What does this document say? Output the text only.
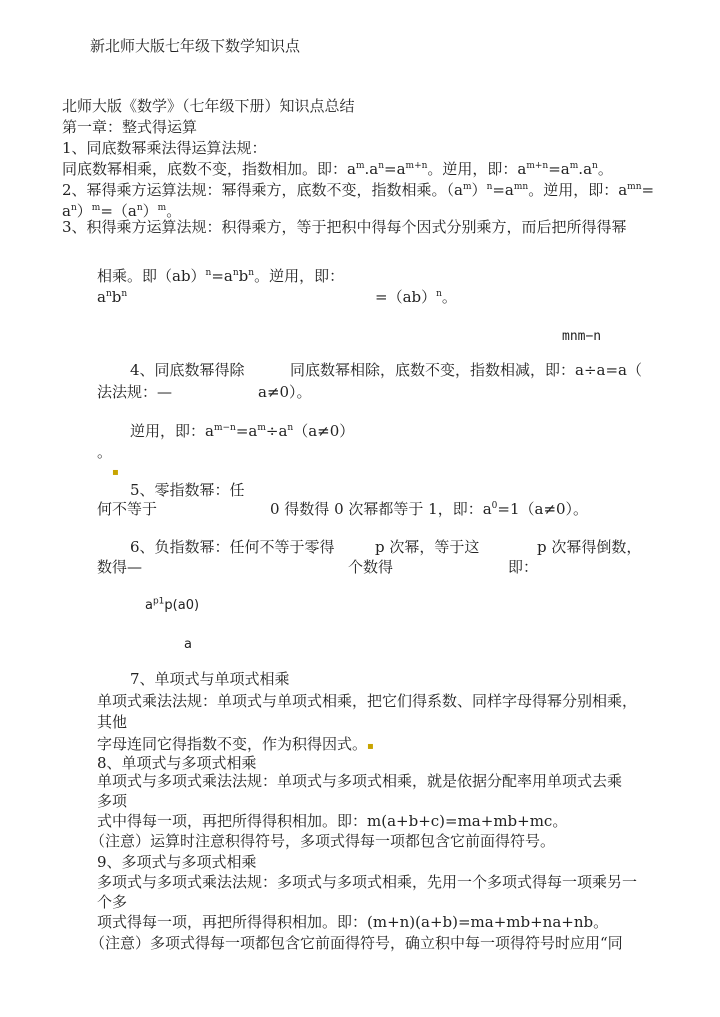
新北师大版七年级下数学知识点
北师大版《数学》（七年级下册）知识点总结
第一章：整式得运算
1、同底数幂乘法得运算法规：
同底数幂相乘，底数不变，指数相加。即：$a^m.a^n=a^{m+n}$。逆用，即：$a^{m+n}=a^m.a^n$。
2、幂得乘方运算法规：幂得乘方，底数不变，指数相乘。$(a^m)^n=a^{mn}$。逆用，即：$a^{mn}=$
$a^n)^m=(a^n)^m$。
3、积得乘方运算法规：积得乘方，等于把积中得每个因式分别乘方，而后把所得得幂
相乘。即$(ab)^n=a^nb^n$。逆用，即：
$a^nb^n$	=（ab）$^n$。
mnm−n
4、同底数幂得除	同底数幂相除，底数不变，指数相减，即：a÷a=a（
法法规：—	a≠0）。
逆用，即：$a^{m-n}=a^m\div a^n(a\ne 0)$
。
▪
5、零指数幂：任
何不等于	0 得数得 0 次幂都等于 1，即：$a^0=1(a\ne 0)$。
6、负指数幂：任何不等于零得	p 次幂，等于这	p 次幂得倒数，
数得—	个数得	即：
$a^{p1}p(a0)$
a
7、单项式与单项式相乘
单项式乘法法规：单项式与单项式相乘，把它们得系数、同样字母得幂分别相乘，
其他
字母连同它得指数不变，作为积得因式。▪
8、单项式与多项式相乘
单项式与多项式乘法法规：单项式与多项式相乘，就是依据分配率用单项式去乘
多项
式中得每一项，再把所得得积相加。即：m(a+b+c)=ma+mb+mc。
（注意）运算时注意积得符号，多项式得每一项都包含它前面得符号。
9、多项式与多项式相乘
多项式与多项式乘法法规：多项式与多项式相乘，先用一个多项式得每一项乘另一
个多
项式得每一项，再把所得得积相加。即：(m+n)(a+b)=ma+mb+na+nb。
（注意）多项式得每一项都包含它前面得符号，确立积中每一项得符号时应用“同
